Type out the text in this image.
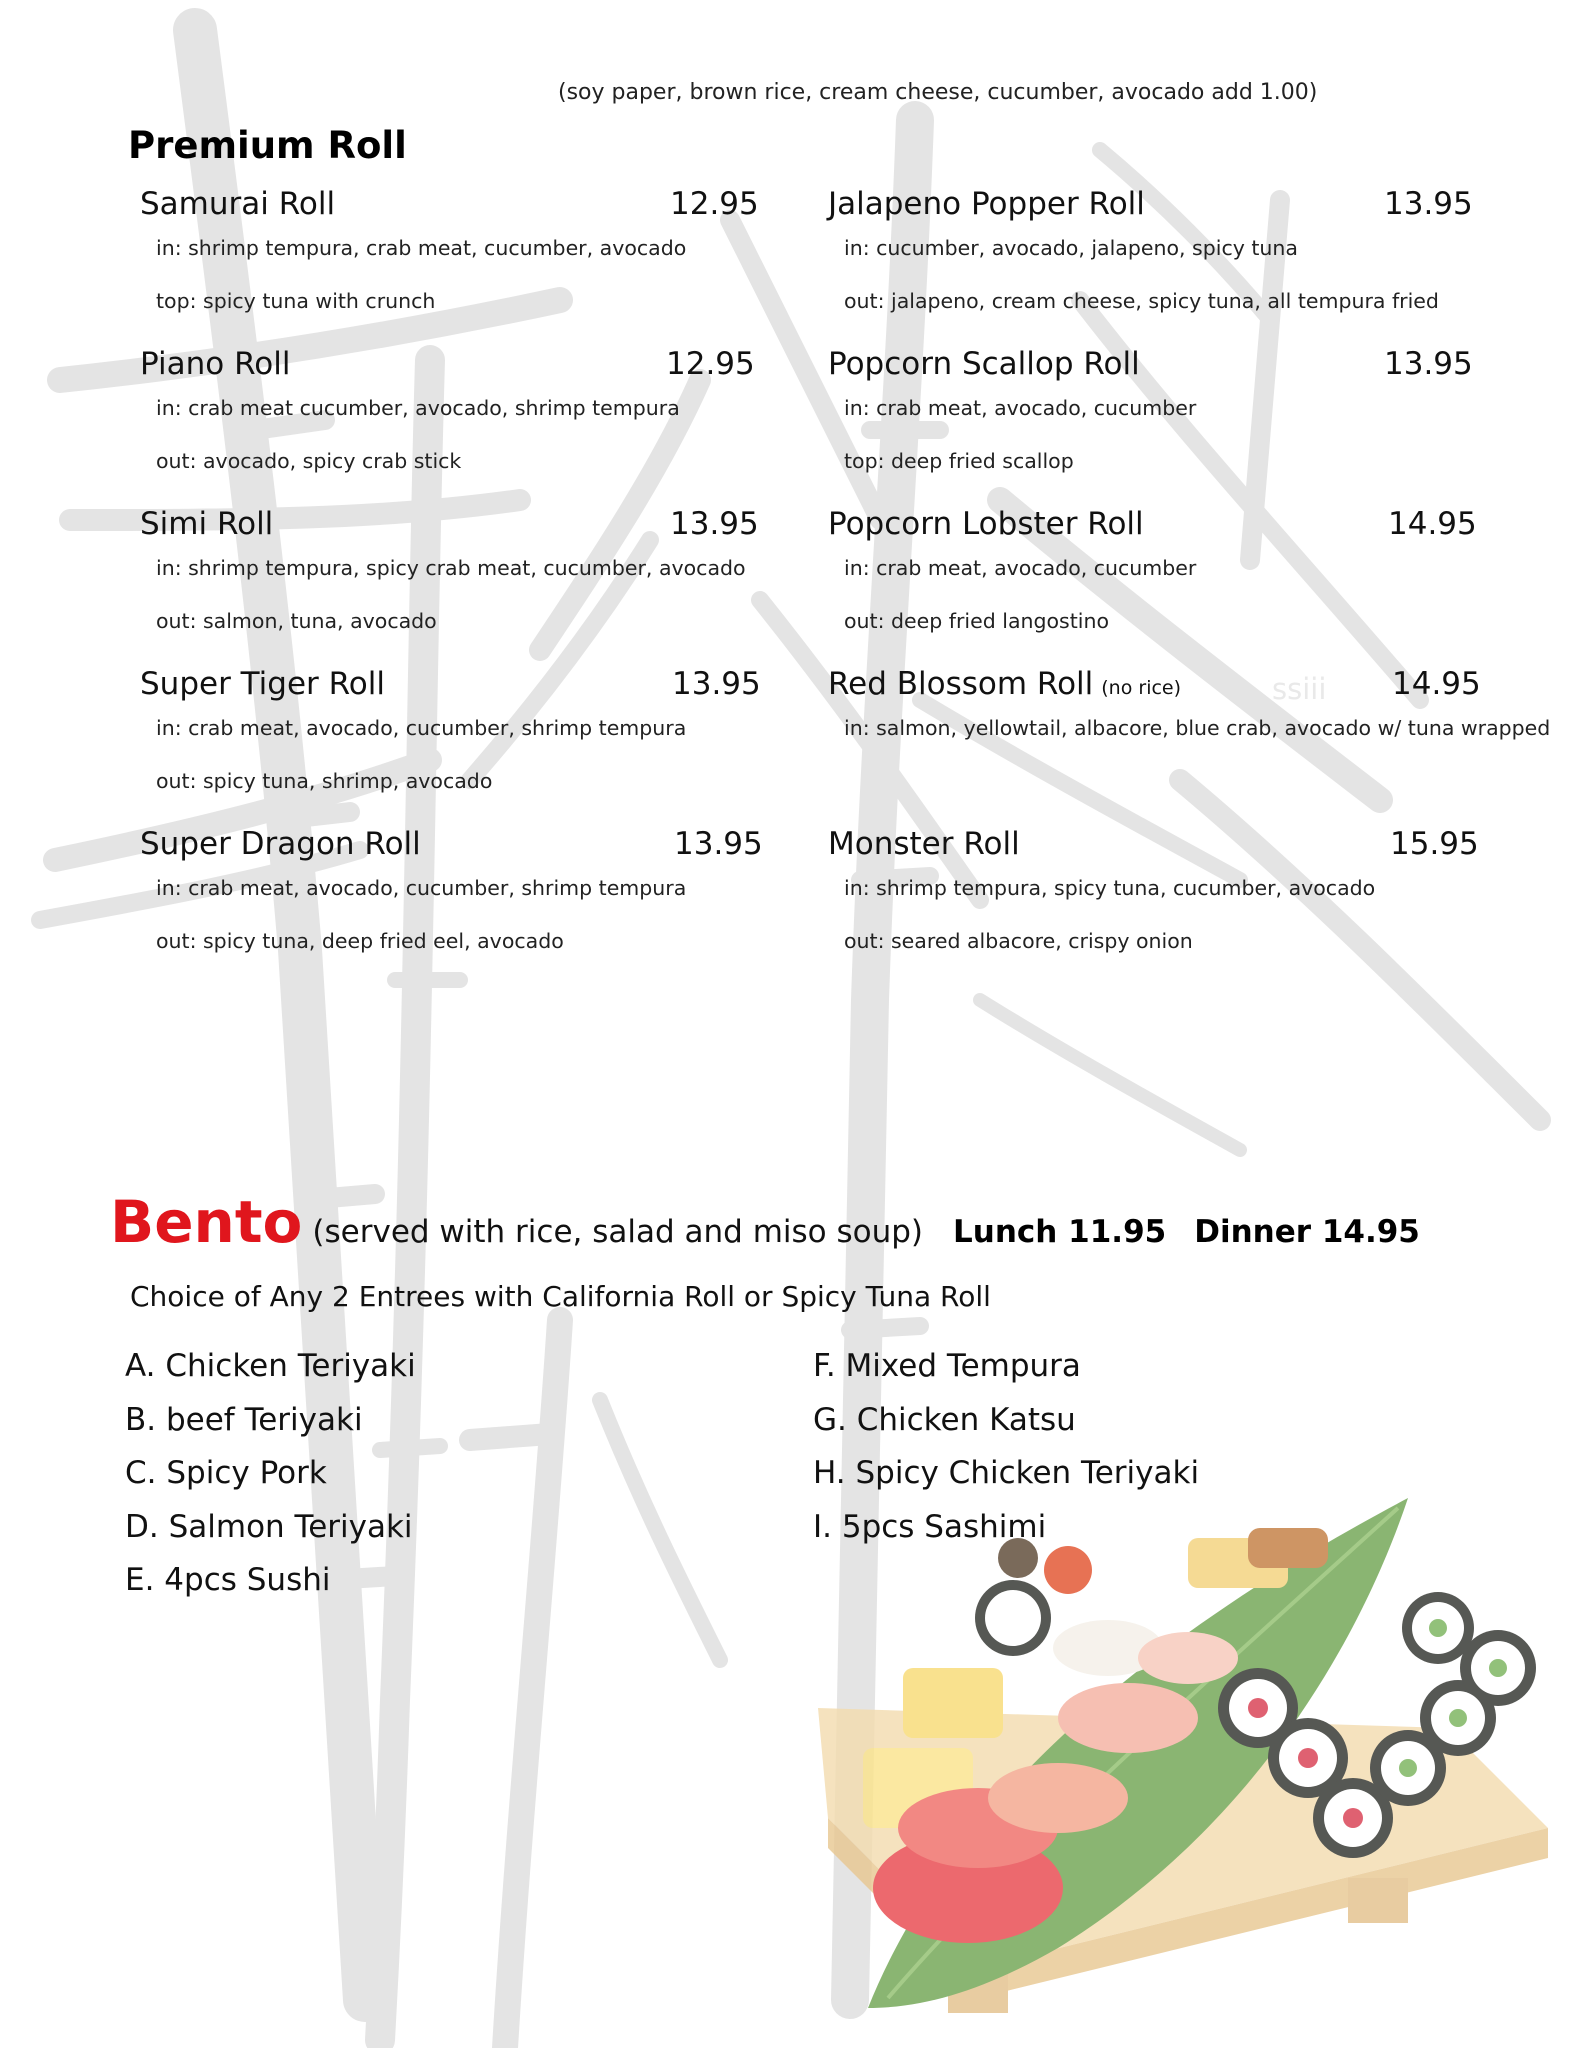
(soy paper, brown rice, cream cheese, cucumber, avocado add 1.00)
Premium Roll
Samurai Roll	12.95
in: shrimp tempura, crab meat, cucumber, avocado
top: spicy tuna with crunch
Piano Roll	12.95
in: crab meat cucumber, avocado, shrimp tempura
out: avocado, spicy crab stick
Simi Roll	13.95
in: shrimp tempura, spicy crab meat, cucumber, avocado
out: salmon, tuna, avocado
Super Tiger Roll	13.95
in: crab meat, avocado, cucumber, shrimp tempura
out: spicy tuna, shrimp, avocado
Super Dragon Roll	13.95
in: crab meat, avocado, cucumber, shrimp tempura
out: spicy tuna, deep fried eel, avocado
Jalapeno Popper Roll	13.95
in: cucumber, avocado, jalapeno, spicy tuna
out: jalapeno, cream cheese, spicy tuna, all tempura fried
Popcorn Scallop Roll	13.95
in: crab meat, avocado, cucumber
top: deep fried scallop
Popcorn Lobster Roll	14.95
in: crab meat, avocado, cucumber
out: deep fried langostino
Red Blossom Roll (no rice)	14.95
in: salmon, yellowtail, albacore, blue crab, avocado w/ tuna wrapped
Monster Roll	15.95
in: shrimp tempura, spicy tuna, cucumber, avocado
out: seared albacore, crispy onion
ssiii
Bento (served with rice, salad and miso soup) Lunch 11.95 Dinner 14.95
Choice of Any 2 Entrees with California Roll or Spicy Tuna Roll
A. Chicken Teriyaki
B. beef Teriyaki
C. Spicy Pork
D. Salmon Teriyaki
E. 4pcs Sushi
F. Mixed Tempura
G. Chicken Katsu
H. Spicy Chicken Teriyaki
I. 5pcs Sashimi
